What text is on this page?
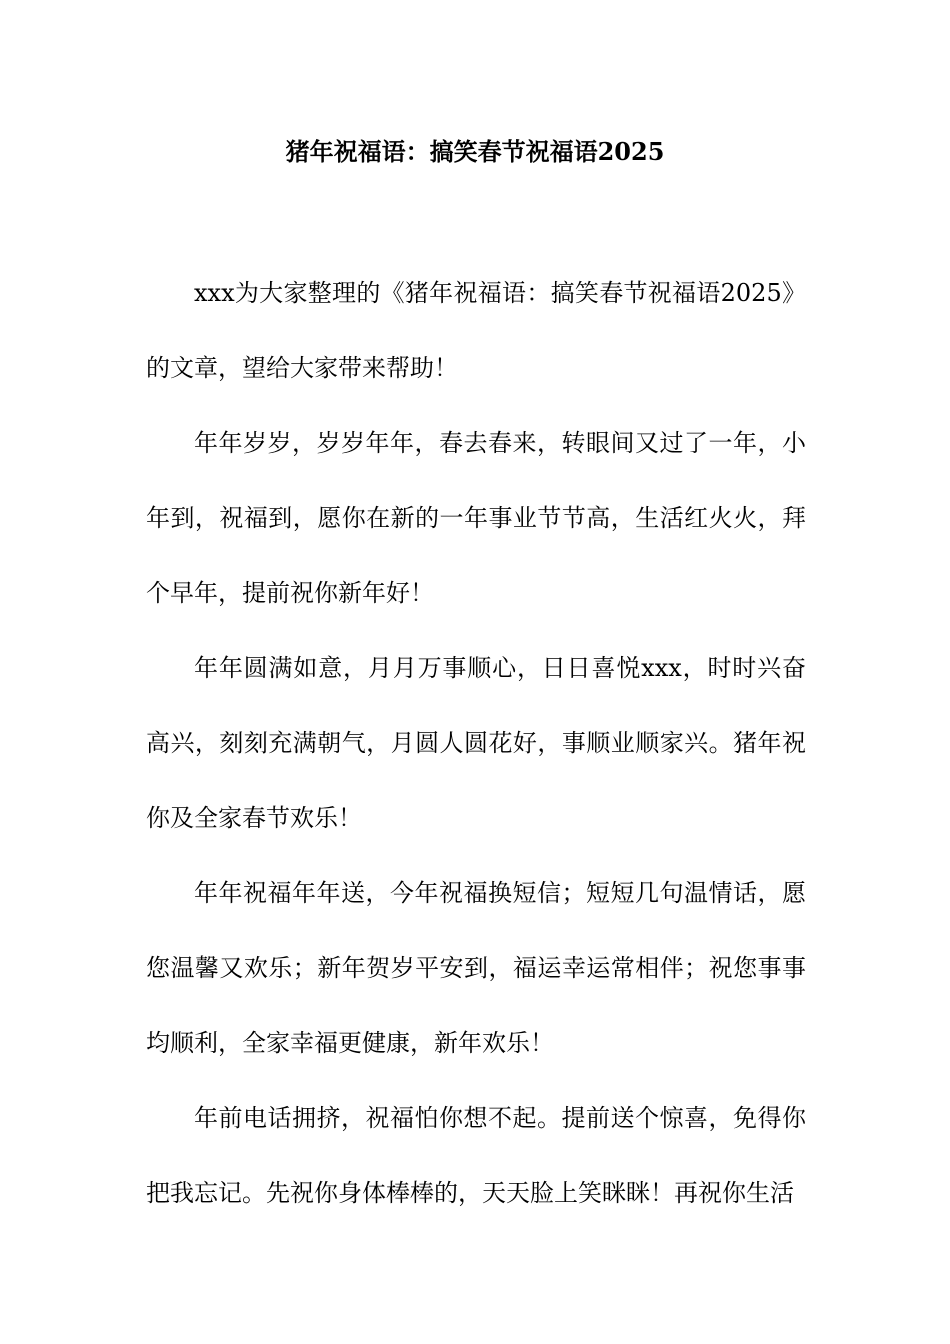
猪年祝福语：搞笑春节祝福语2025

xxx为大家整理的《猪年祝福语：搞笑春节祝福语2025》的文章，望给大家带来帮助！

年年岁岁，岁岁年年，春去春来，转眼间又过了一年，小年到，祝福到，愿你在新的一年事业节节高，生活红火火，拜个早年，提前祝你新年好！

年年圆满如意，月月万事顺心，日日喜悦xxx，时时兴奋高兴，刻刻充满朝气，月圆人圆花好，事顺业顺家兴。猪年祝你及全家春节欢乐！

年年祝福年年送，今年祝福换短信；短短几句温情话，愿您温馨又欢乐；新年贺岁平安到，福运幸运常相伴；祝您事事均顺利，全家幸福更健康，新年欢乐！

年前电话拥挤，祝福怕你想不起。提前送个惊喜，免得你把我忘记。先祝你身体棒棒的，天天脸上笑眯眯！再祝你生活
